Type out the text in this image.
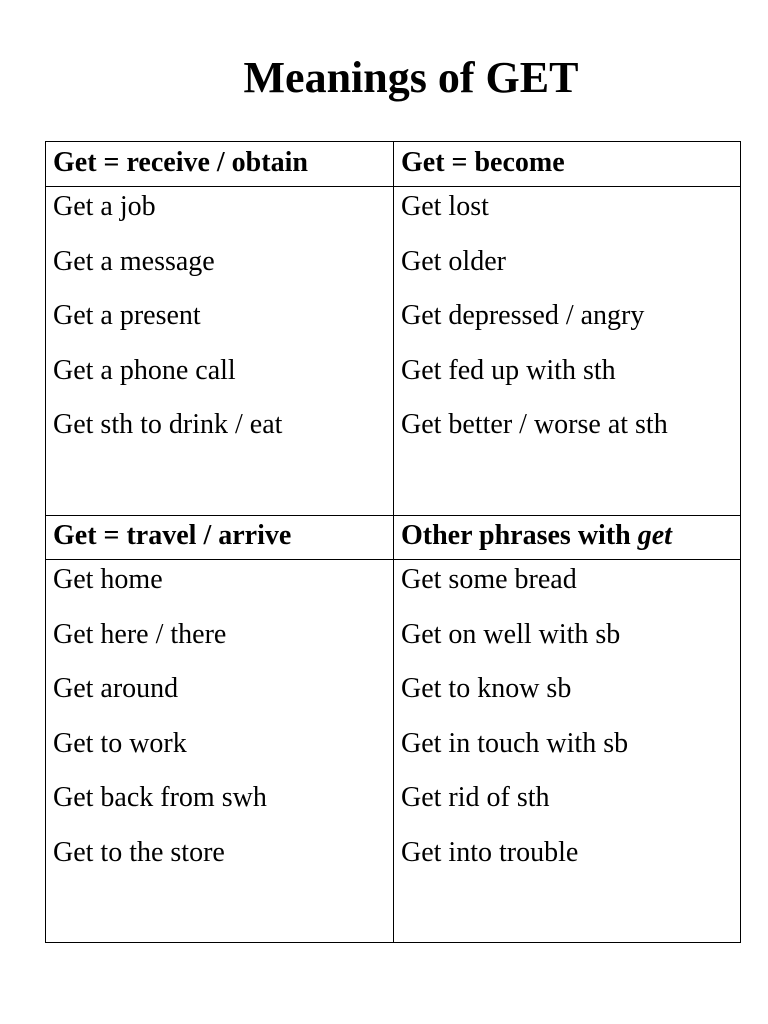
Meanings of GET
Get = receive / obtain
Get a job
Get a message
Get a present
Get a phone call
Get sth to drink / eat
Get = become
Get lost
Get older
Get depressed / angry
Get fed up with sth
Get better / worse at sth
Get = travel / arrive
Get home
Get here / there
Get around
Get to work
Get back from swh
Get to the store
Other phrases with get
Get some bread
Get on well with sb
Get to know sb
Get in touch with sb
Get rid of sth
Get into trouble
